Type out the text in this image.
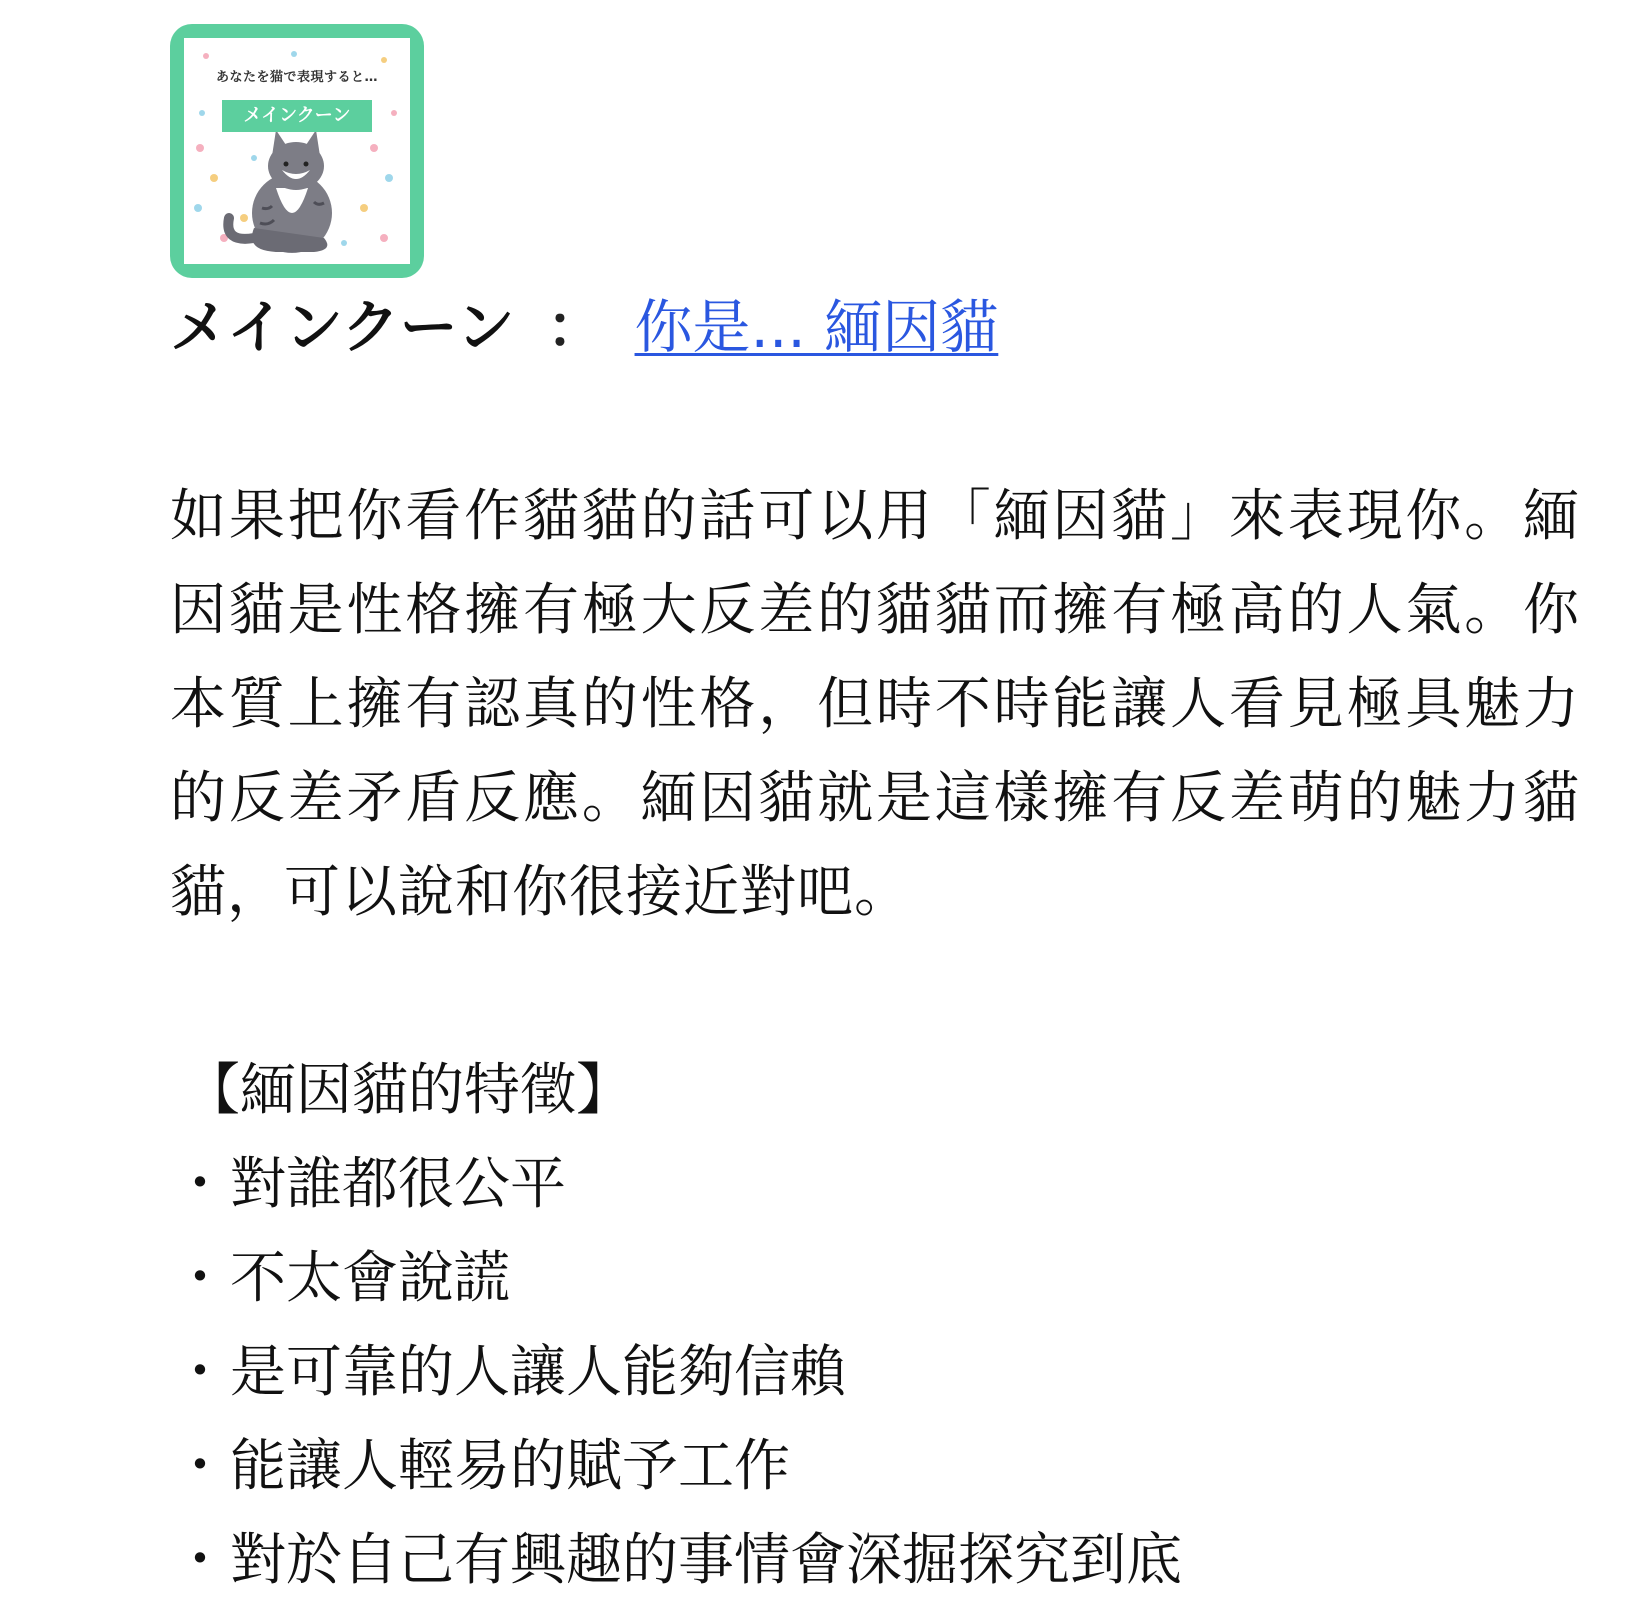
あなたを猫で表現すると…
メインクーン
メインクーン ： 你是... 緬因貓

如果把你看作貓貓的話可以用「緬因貓」來表現你。緬因貓是性格擁有極大反差的貓貓而擁有極高的人氣。你本質上擁有認真的性格，但時不時能讓人看見極具魅力的反差矛盾反應。緬因貓就是這樣擁有反差萌的魅力貓貓，可以說和你很接近對吧。

【緬因貓的特徵】

・ 對誰都很公平
・ 不太會說謊
・ 是可靠的人讓人能夠信賴
・ 能讓人輕易的賦予工作
・ 對於自己有興趣的事情會深掘探究到底
